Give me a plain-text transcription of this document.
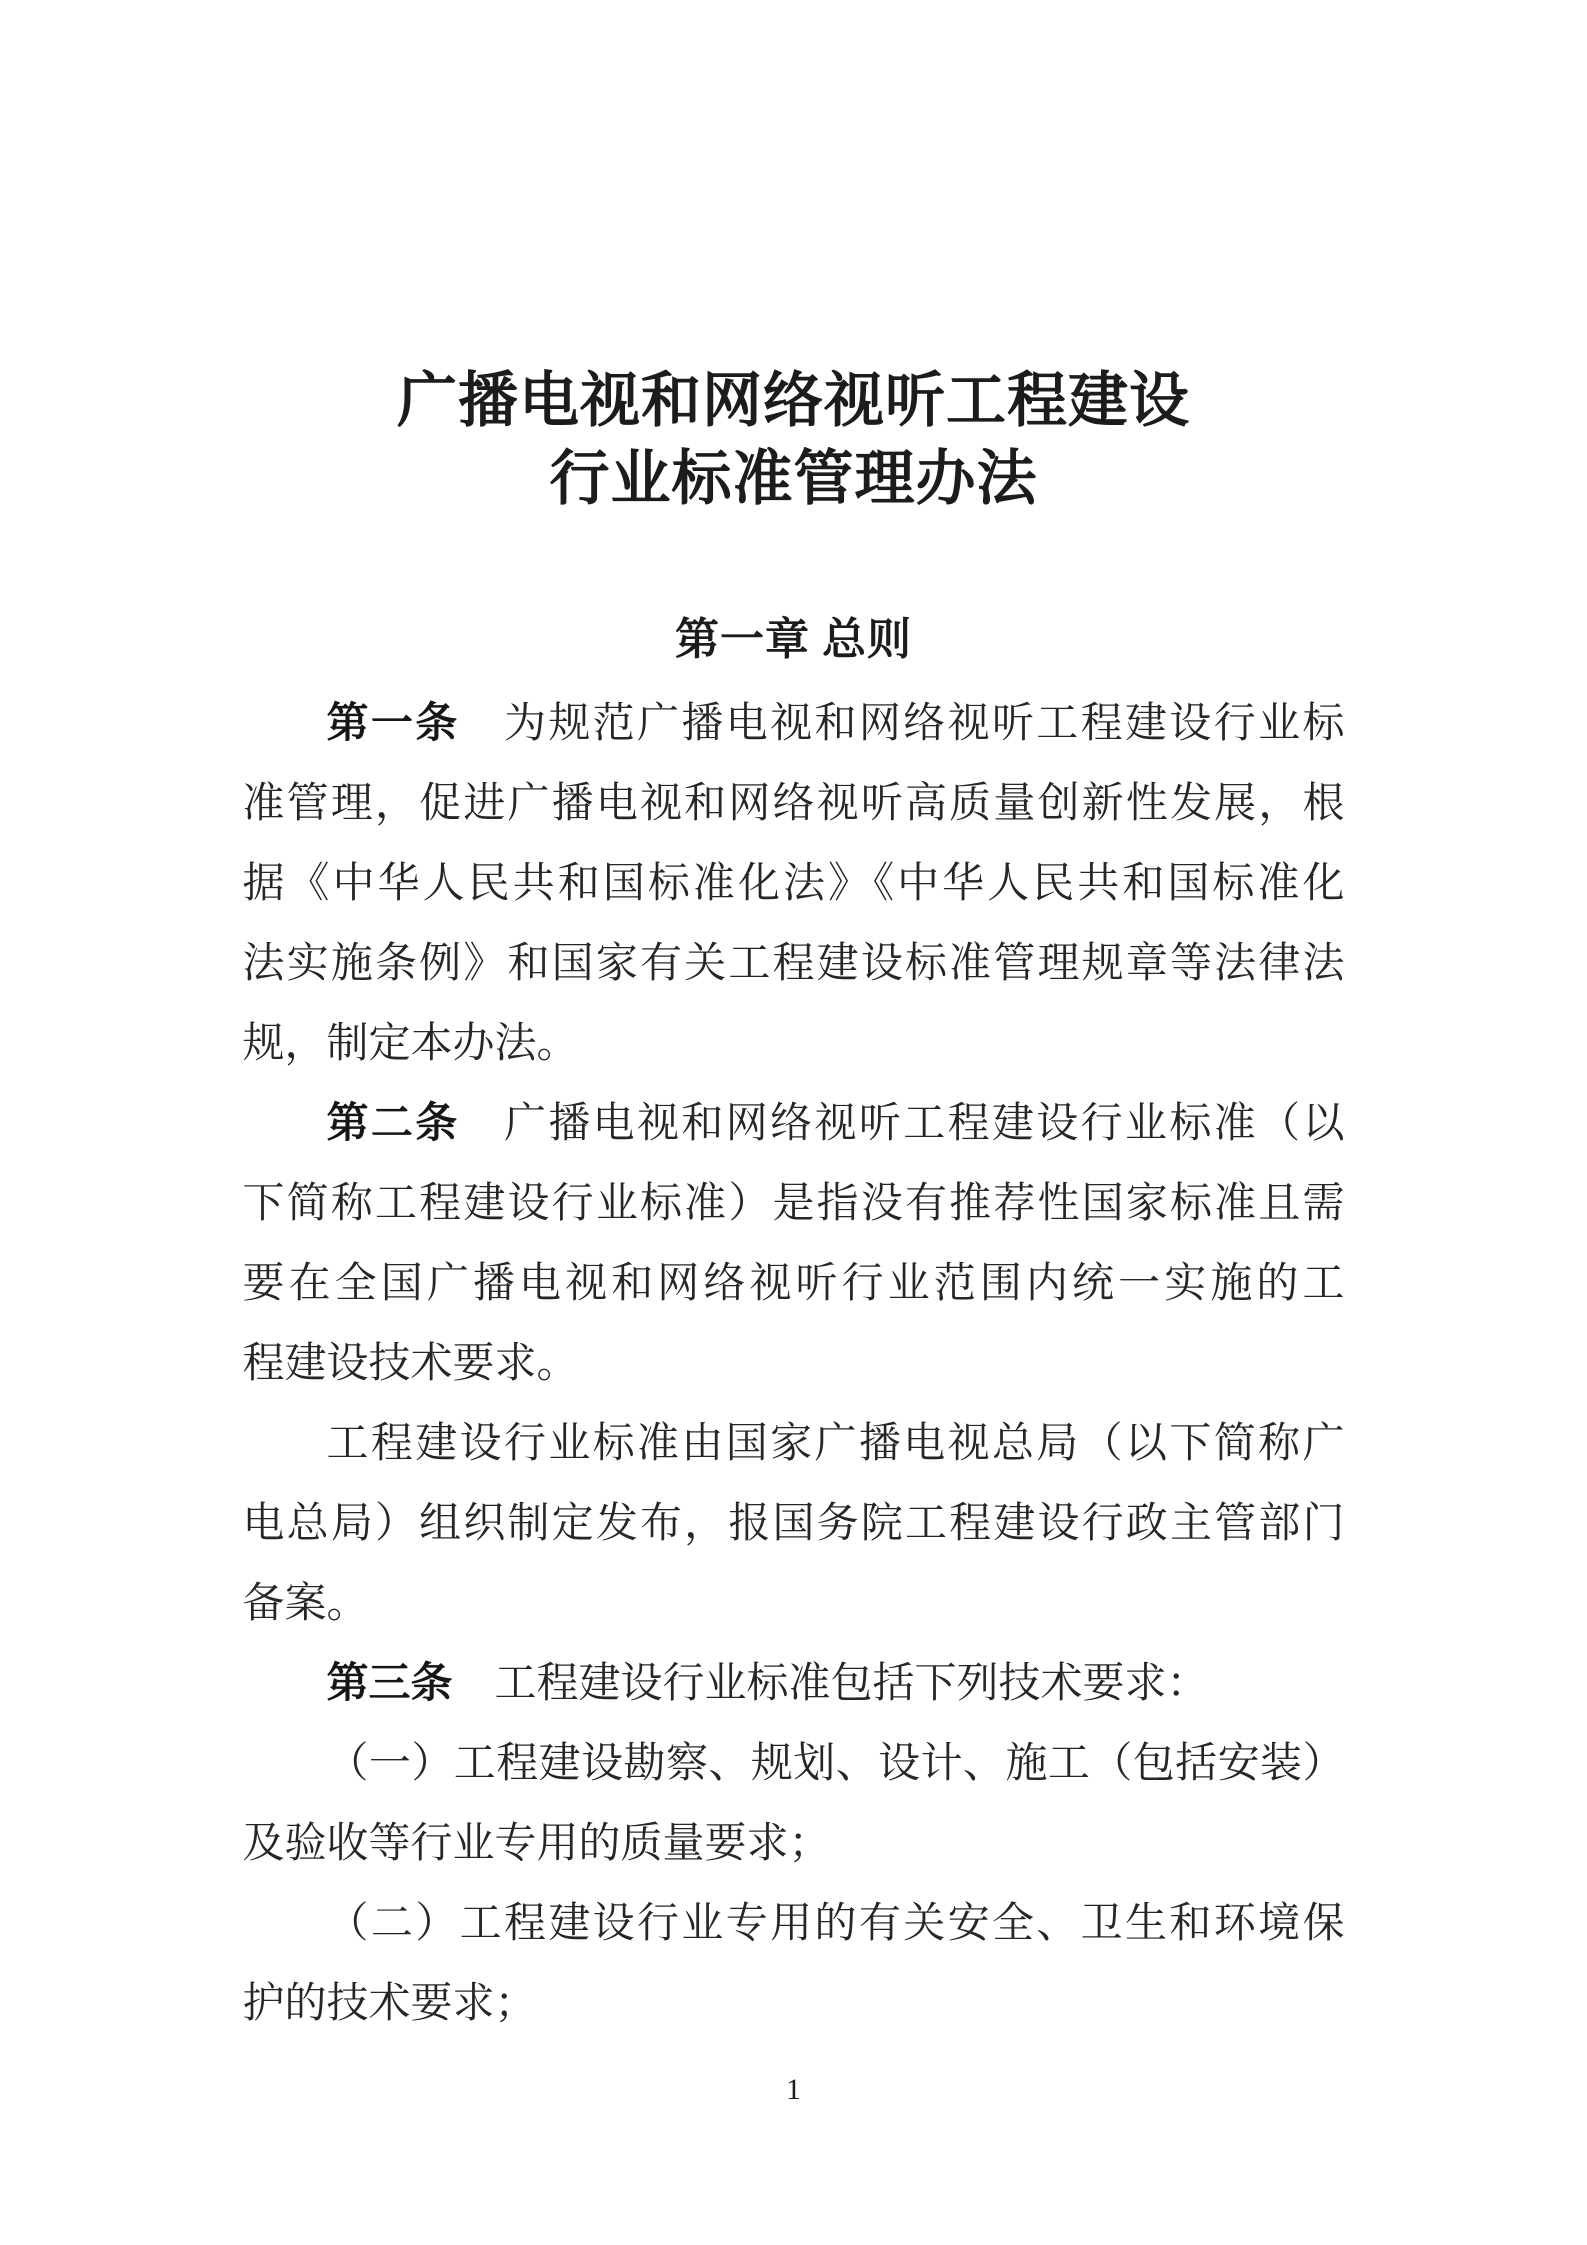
广播电视和网络视听工程建设
行业标准管理办法
第一章 总则
第一条　为规范广播电视和网络视听工程建设行业标
准管理，促进广播电视和网络视听高质量创新性发展，根
据《中华人民共和国标准化法》《中华人民共和国标准化
法实施条例》和国家有关工程建设标准管理规章等法律法
规，制定本办法。
第二条　广播电视和网络视听工程建设行业标准（以
下简称工程建设行业标准）是指没有推荐性国家标准且需
要在全国广播电视和网络视听行业范围内统一实施的工
程建设技术要求。
工程建设行业标准由国家广播电视总局（以下简称广
电总局）组织制定发布，报国务院工程建设行政主管部门
备案。
第三条　工程建设行业标准包括下列技术要求：
（一）工程建设勘察、规划、设计、施工（包括安装）
及验收等行业专用的质量要求；
（二）工程建设行业专用的有关安全、卫生和环境保
护的技术要求；
1
